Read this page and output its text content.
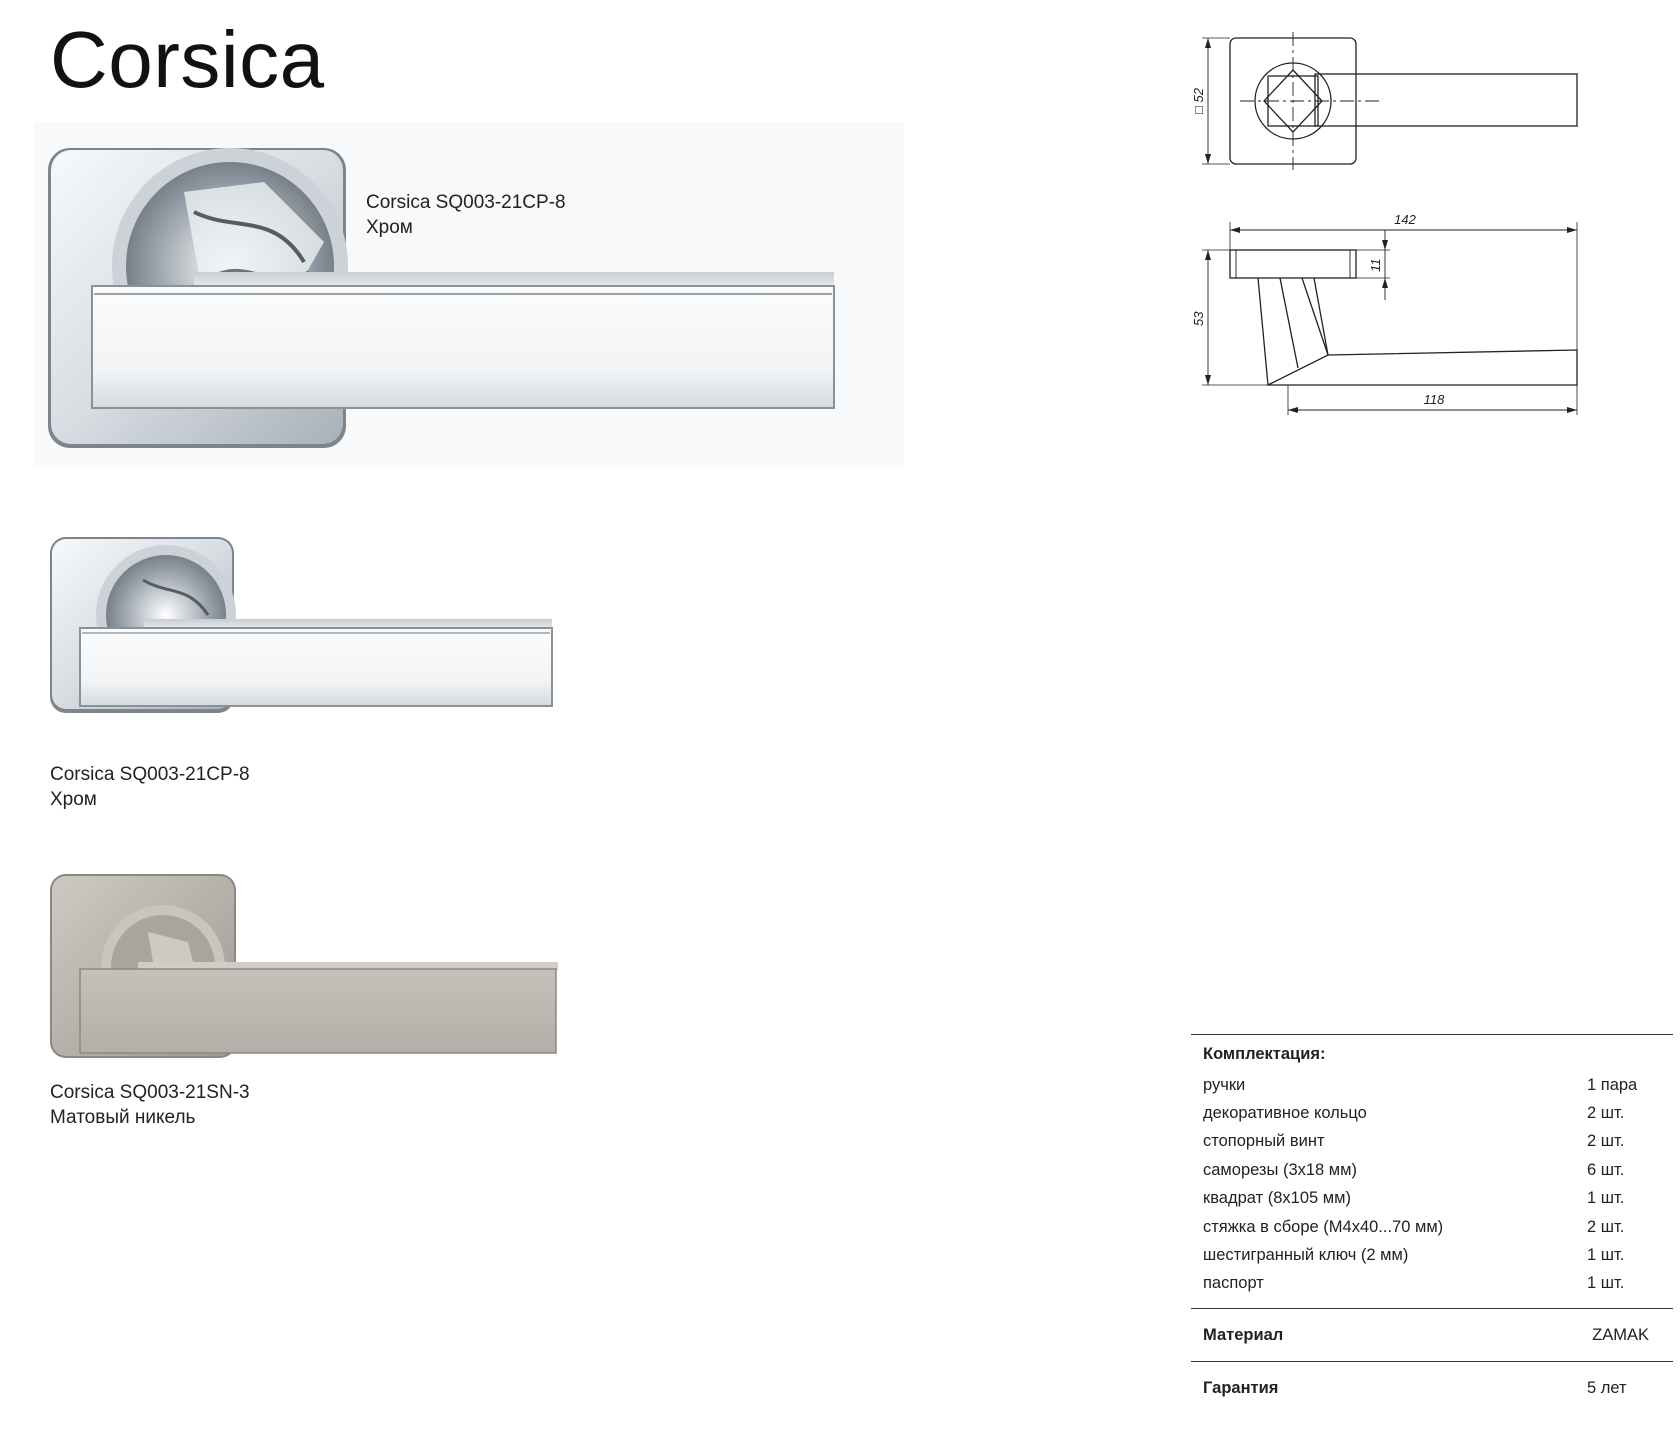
Corsica
Corsica SQ003-21CP-8
Хром
Corsica SQ003-21CP-8
Хром
Corsica SQ003-21SN-3
Матовый никель
□ 52
142
53
11
118
Комплектация:
ручки	1 пара
декоративное кольцо	2 шт.
стопорный винт	2 шт.
саморезы (3х18 мм)	6 шт.
квадрат (8х105 мм)	1 шт.
стяжка в сборе (М4х40...70 мм)	2 шт.
шестигранный ключ (2 мм)	1 шт.
паспорт	1 шт.
Материал	ZAMAK
Гарантия	5 лет
